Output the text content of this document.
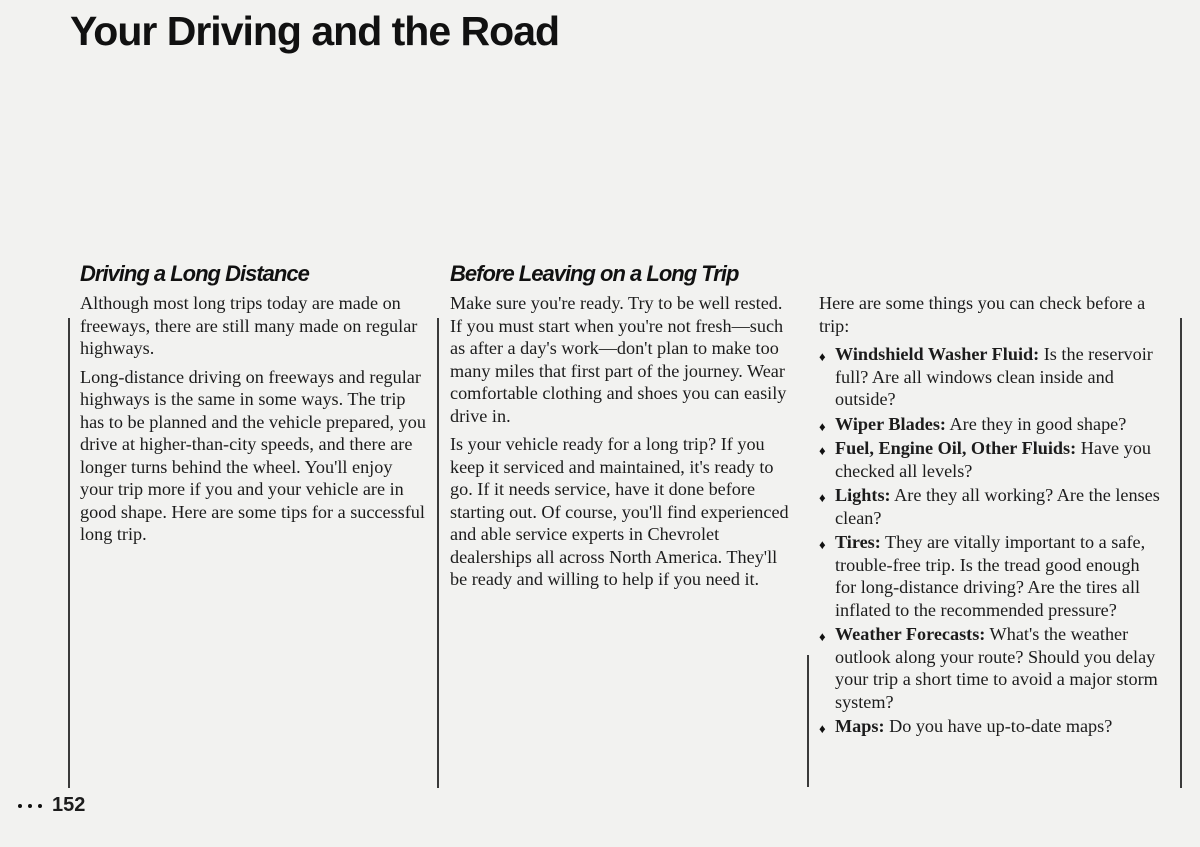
Your Driving and the Road
Driving a Long Distance

Although most long trips today are made on freeways, there are still many made on regular highways.

Long-distance driving on freeways and regular highways is the same in some ways. The trip has to be planned and the vehicle prepared, you drive at higher-than-city speeds, and there are longer turns behind the wheel. You'll enjoy your trip more if you and your vehicle are in good shape. Here are some tips for a successful long trip.

Before Leaving on a Long Trip

Make sure you're ready. Try to be well rested. If you must start when you're not fresh—such as after a day's work—don't plan to make too many miles that first part of the journey. Wear comfortable clothing and shoes you can easily drive in.

Is your vehicle ready for a long trip? If you keep it serviced and maintained, it's ready to go. If it needs service, have it done before starting out. Of course, you'll find experienced and able service experts in Chevrolet dealerships all across North America. They'll be ready and willing to help if you need it.

Here are some things you can check before a trip:

♦ Windshield Washer Fluid: Is the reservoir full? Are all windows clean inside and outside?
♦ Wiper Blades: Are they in good shape?
♦ Fuel, Engine Oil, Other Fluids: Have you checked all levels?
♦ Lights: Are they all working? Are the lenses clean?
♦ Tires: They are vitally important to a safe, trouble-free trip. Is the tread good enough for long-distance driving? Are the tires all inflated to the recommended pressure?
♦ Weather Forecasts: What's the weather outlook along your route? Should you delay your trip a short time to avoid a major storm system?
♦ Maps: Do you have up-to-date maps?
152
